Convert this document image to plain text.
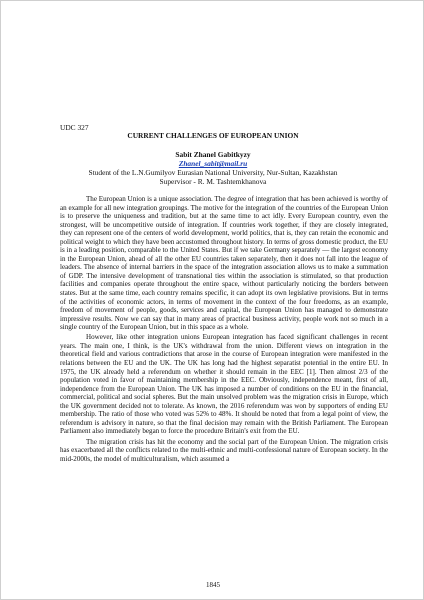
UDC 327
CURRENT CHALLENGES OF EUROPEAN UNION
Sabit Zhanel Gabitkyzy
Zhanel_sabit@mail.ru
Student of the L.N.Gumilyov Eurasian National University, Nur-Sultan, Kazakhstan
Supervisor - R. M. Tashtemkhanova

The European Union is a unique association. The degree of integration that has been achieved is worthy of an example for all new integration groupings. The motive for the integration of the countries of the European Union is to preserve the uniqueness and tradition, but at the same time to act idly. Every European country, even the strongest, will be uncompetitive outside of integration. If countries work together, if they are closely integrated, they can represent one of the centers of world development, world politics, that is, they can retain the economic and political weight to which they have been accustomed throughout history. In terms of gross domestic product, the EU is in a leading position, comparable to the United States. But if we take Germany separately — the largest economy in the European Union, ahead of all the other EU countries taken separately, then it does not fall into the league of leaders. The absence of internal barriers in the space of the integration association allows us to make a summation of GDP. The intensive development of transnational ties within the association is stimulated, so that production facilities and companies operate throughout the entire space, without particularly noticing the borders between states. But at the same time, each country remains specific, it can adopt its own legislative provisions. But in terms of the activities of economic actors, in terms of movement in the context of the four freedoms, as an example, freedom of movement of people, goods, services and capital, the European Union has managed to demonstrate impressive results. Now we can say that in many areas of practical business activity, people work not so much in a single country of the European Union, but in this space as a whole.

However, like other integration unions European integration has faced significant challenges in recent years. The main one, I think, is the UK's withdrawal from the union. Different views on integration in the theoretical field and various contradictions that arose in the course of European integration were manifested in the relations between the EU and the UK. The UK has long had the highest separatist potential in the entire EU. In 1975, the UK already held a referendum on whether it should remain in the EEC [1]. Then almost 2/3 of the population voted in favor of maintaining membership in the EEC. Obviously, independence meant, first of all, independence from the European Union. The UK has imposed a number of conditions on the EU in the financial, commercial, political and social spheres. But the main unsolved problem was the migration crisis in Europe, which the UK government decided not to tolerate. As known, the 2016 referendum was won by supporters of ending EU membership. The ratio of those who voted was 52% to 48%. It should be noted that from a legal point of view, the referendum is advisory in nature, so that the final decision may remain with the British Parliament. The European Parliament also immediately began to force the procedure Britain's exit from the EU.

The migration crisis has hit the economy and the social part of the European Union. The migration crisis has exacerbated all the conflicts related to the multi-ethnic and multi-confessional nature of European society. In the mid-2000s, the model of multiculturalism, which assumed a

1845
